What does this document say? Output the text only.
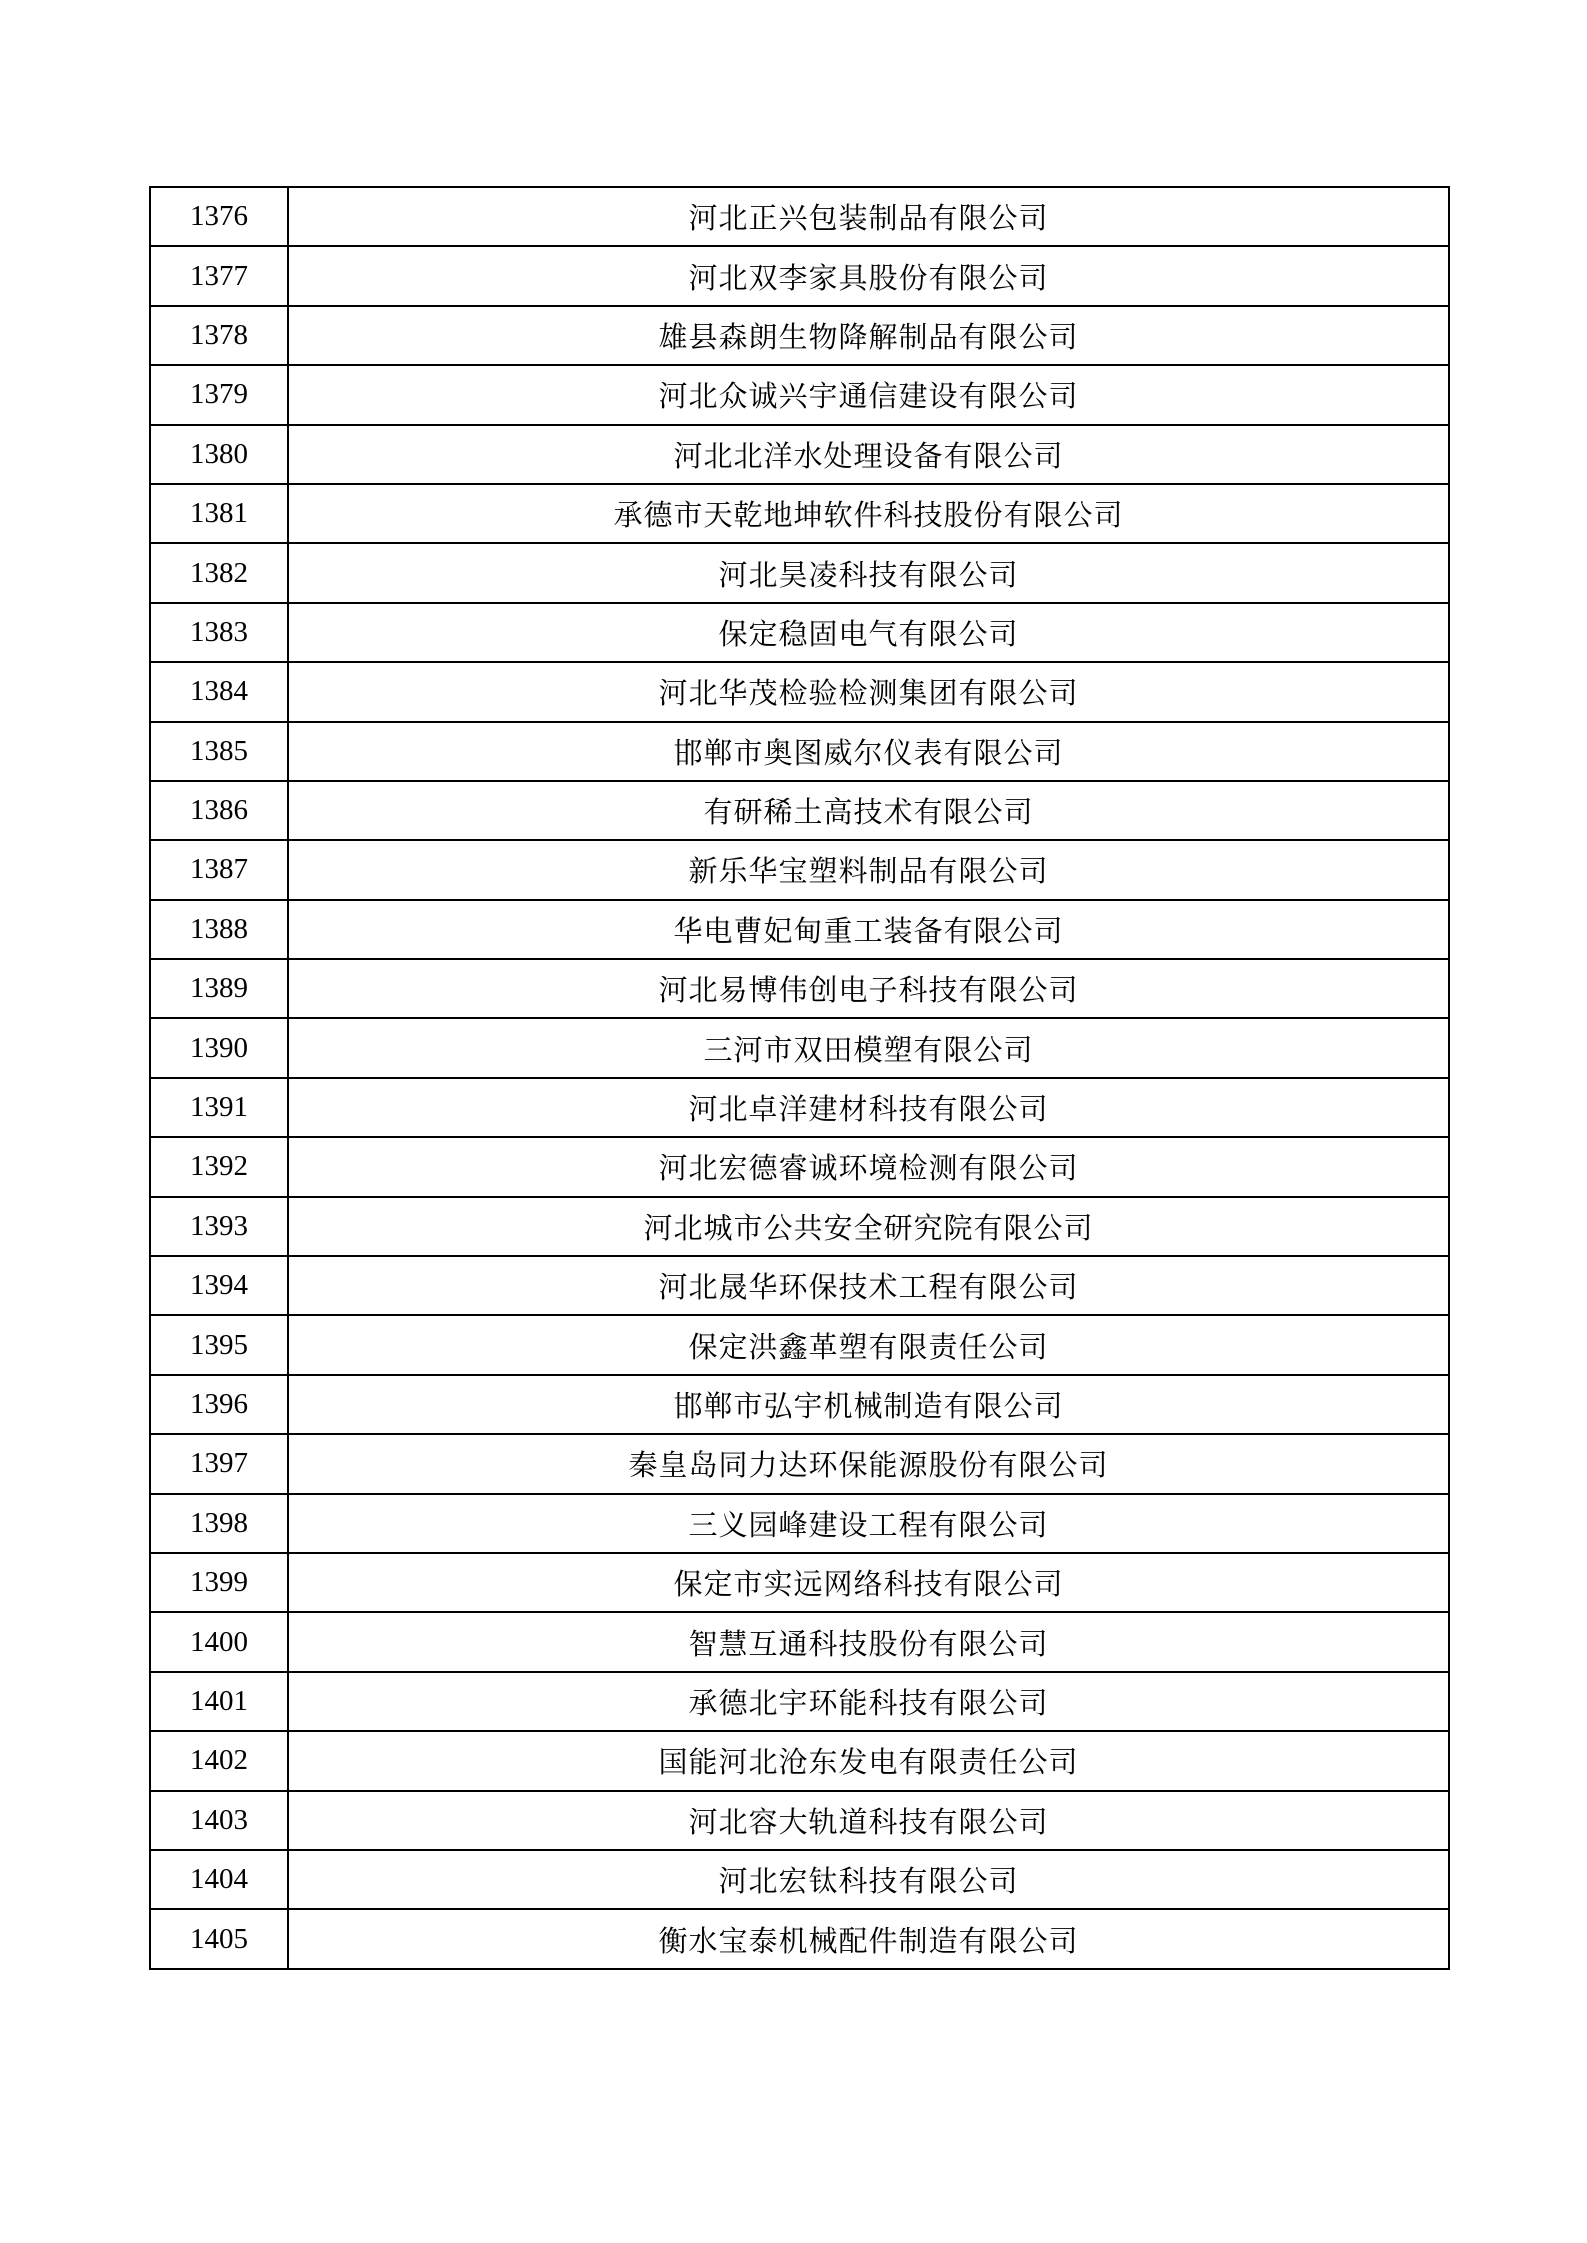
1376	河北正兴包装制品有限公司
1377	河北双李家具股份有限公司
1378	雄县森朗生物降解制品有限公司
1379	河北众诚兴宇通信建设有限公司
1380	河北北洋水处理设备有限公司
1381	承德市天乾地坤软件科技股份有限公司
1382	河北昊凌科技有限公司
1383	保定稳固电气有限公司
1384	河北华茂检验检测集团有限公司
1385	邯郸市奥图威尔仪表有限公司
1386	有研稀土高技术有限公司
1387	新乐华宝塑料制品有限公司
1388	华电曹妃甸重工装备有限公司
1389	河北易博伟创电子科技有限公司
1390	三河市双田模塑有限公司
1391	河北卓洋建材科技有限公司
1392	河北宏德睿诚环境检测有限公司
1393	河北城市公共安全研究院有限公司
1394	河北晟华环保技术工程有限公司
1395	保定洪鑫革塑有限责任公司
1396	邯郸市弘宇机械制造有限公司
1397	秦皇岛同力达环保能源股份有限公司
1398	三义园峰建设工程有限公司
1399	保定市实远网络科技有限公司
1400	智慧互通科技股份有限公司
1401	承德北宇环能科技有限公司
1402	国能河北沧东发电有限责任公司
1403	河北容大轨道科技有限公司
1404	河北宏钛科技有限公司
1405	衡水宝泰机械配件制造有限公司
